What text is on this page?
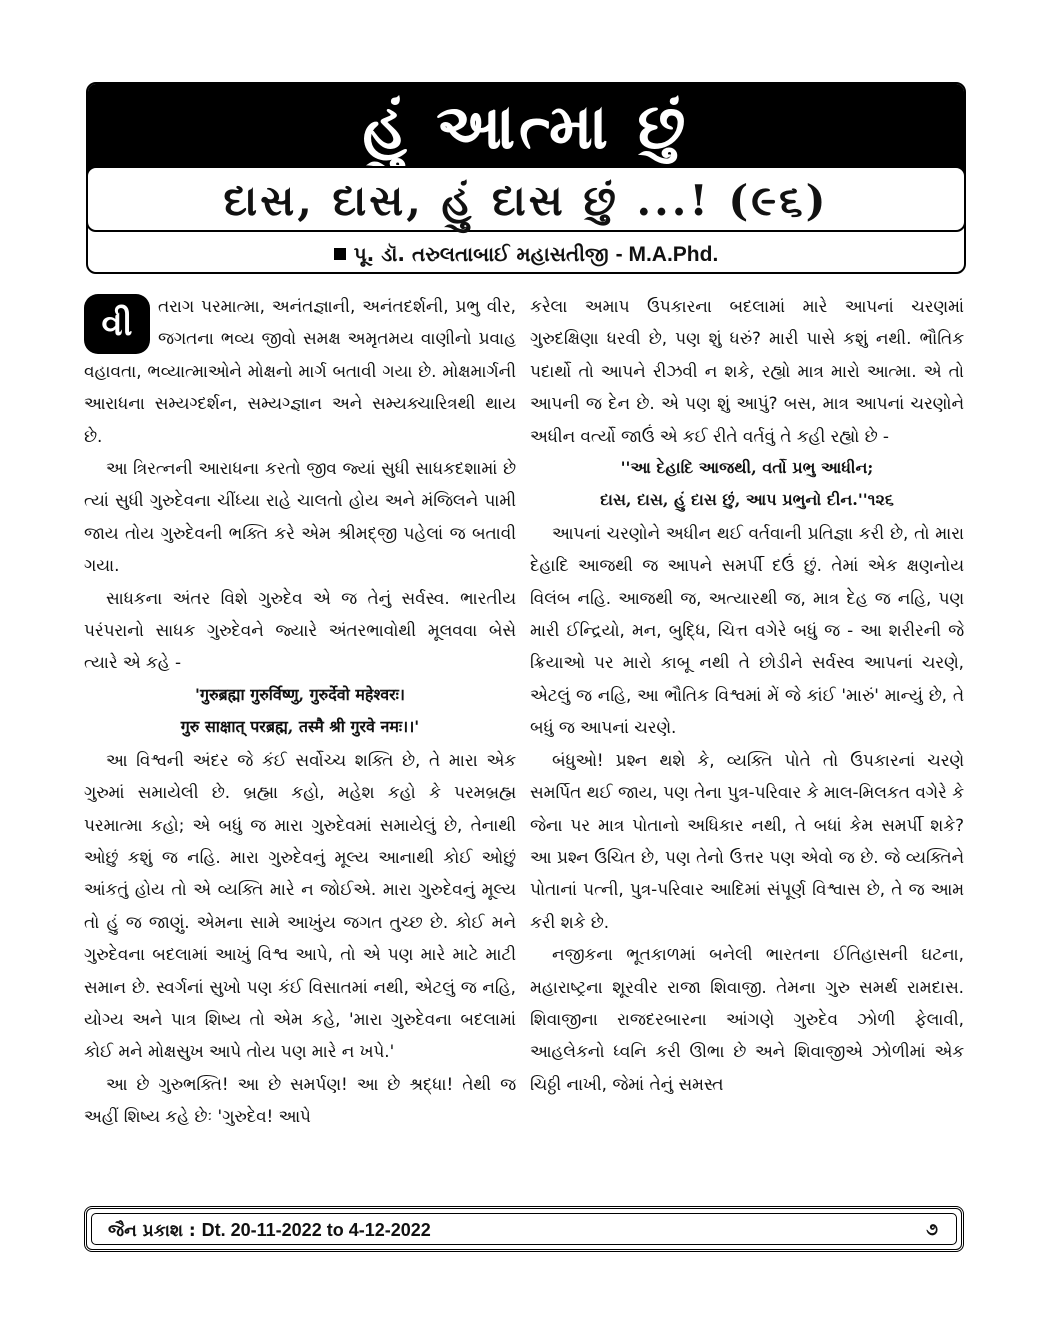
હું આત્મા છું
દાસ, દાસ, હું દાસ છું ...! (૯૬)
પૂ. ડૉ. તરુલતાબાઈ મહાસતીજી - M.A.Phd.

વી	તરાગ પરમાત્મા, અનંતજ્ઞાની, અનંતદર્શની, પ્રભુ વીર, જગતના ભવ્ય જીવો સમક્ષ અમૃતમય વાણીનો પ્રવાહ વહાવતા, ભવ્યાત્માઓને મોક્ષનો માર્ગ બતાવી ગયા છે. મોક્ષમાર્ગની આરાધના સમ્યગ્દર્શન, સમ્યગ્જ્ઞાન અને સમ્યક્ચારિત્રથી થાય છે.

આ ત્રિરત્નની આરાધના કરતો જીવ જ્યાં સુધી સાધકદશામાં છે ત્યાં સુધી ગુરુદેવના ચીંધ્યા રાહે ચાલતો હોય અને મંજિલને પામી જાય તોય ગુરુદેવની ભક્તિ કરે એમ શ્રીમદ્જી પહેલાં જ બતાવી ગયા.

સાધકના અંતર વિશે ગુરુદેવ એ જ તેનું સર્વસ્વ. ભારતીય પરંપરાનો સાધક ગુરુદેવને જ્યારે અંતરભાવોથી મૂલવવા બેસે ત્યારે એ કહે -

'गुरुब्रह्मा गुरुर्विष्णु, गुरुर्देवो महेश्वरः।

गुरु साक्षात् परब्रह्म, तस्मै श्री गुरवे नमः।।'

આ વિશ્વની અંદર જે કંઈ સર્વોચ્ચ શક્તિ છે, તે મારા એક ગુરુમાં સમાયેલી છે. બ્રહ્મા કહો, મહેશ કહો કે પરમબ્રહ્મ પરમાત્મા કહો; એ બધું જ મારા ગુરુદેવમાં સમાયેલું છે, તેનાથી ઓછું કશું જ નહિ. મારા ગુરુદેવનું મૂલ્ય આનાથી કોઈ ઓછું આંકતું હોય તો એ વ્યક્તિ મારે ન જોઈએ. મારા ગુરુદેવનું મૂલ્ય તો હું જ જાણું. એમના સામે આખુંય જગત તુચ્છ છે. કોઈ મને ગુરુદેવના બદલામાં આખું વિશ્વ આપે, તો એ પણ મારે માટે માટી સમાન છે. સ્વર્ગનાં સુખો પણ કંઈ વિસાતમાં નથી, એટલું જ નહિ, યોગ્ય અને પાત્ર શિષ્ય તો એમ કહે, 'મારા ગુરુદેવના બદલામાં કોઈ મને મોક્ષસુખ આપે તોય પણ મારે ન ખપે.'

આ છે ગુરુભક્તિ! આ છે સમર્પણ! આ છે શ્રદ્ધા! તેથી જ અહીં શિષ્ય કહે છેઃ 'ગુરુદેવ! આપે

કરેલા અમાપ ઉપકારના બદલામાં મારે આપનાં ચરણમાં ગુરુદક્ષિણા ધરવી છે, પણ શું ધરું? મારી પાસે કશું નથી. ભૌતિક પદાર્થો તો આપને રીઝવી ન શકે, રહ્યો માત્ર મારો આત્મા. એ તો આપની જ દેન છે. એ પણ શું આપું? બસ, માત્ર આપનાં ચરણોને અધીન વર્ત્યો જાઉં એ કઈ રીતે વર્તવું તે કહી રહ્યો છે -

''આ દેહાદિ આજથી, વર્તો પ્રભુ આધીન;

દાસ, દાસ, હું દાસ છું, આપ પ્રભુનો દીન.''૧૨૬

આપનાં ચરણોને અધીન થઈ વર્તવાની પ્રતિજ્ઞા કરી છે, તો મારા દેહાદિ આજથી જ આપને સમર્પી દઉં છું. તેમાં એક ક્ષણનોય વિલંબ નહિ. આજથી જ, અત્યારથી જ, માત્ર દેહ જ નહિ, પણ મારી ઈન્દ્રિયો, મન, બુદ્ધિ, ચિત્ત વગેરે બધું જ - આ શરીરની જે ક્રિયાઓ પર મારો કાબૂ નથી તે છોડીને સર્વસ્વ આપનાં ચરણે, એટલું જ નહિ, આ ભૌતિક વિશ્વમાં મેં જે કાંઈ 'મારું' માન્યું છે, તે બધું જ આપનાં ચરણે.

બંધુઓ! પ્રશ્ન થશે કે, વ્યક્તિ પોતે તો ઉપકારનાં ચરણે સમર્પિત થઈ જાય, પણ તેના પુત્ર-પરિવાર કે માલ-મિલકત વગેરે કે જેના પર માત્ર પોતાનો અધિકાર નથી, તે બધાં કેમ સમર્પી શકે? આ પ્રશ્ન ઉચિત છે, પણ તેનો ઉત્તર પણ એવો જ છે. જે વ્યક્તિને પોતાનાં પત્ની, પુત્ર-પરિવાર આદિમાં સંપૂર્ણ વિશ્વાસ છે, તે જ આમ કરી શકે છે.

નજીકના ભૂતકાળમાં બનેલી ભારતના ઈતિહાસની ઘટના, મહારાષ્ટ્રના શૂરવીર રાજા શિવાજી. તેમના ગુરુ સમર્થ રામદાસ. શિવાજીના રાજદરબારના આંગણે ગુરુદેવ ઝોળી ફેલાવી, આહલેકનો ધ્વનિ કરી ઊભા છે અને શિવાજીએ ઝોળીમાં એક ચિઠ્ઠી નાખી, જેમાં તેનું સમસ્ત

જૈન પ્રકાશ : Dt. 20-11-2022 to 4-12-2022	૭
